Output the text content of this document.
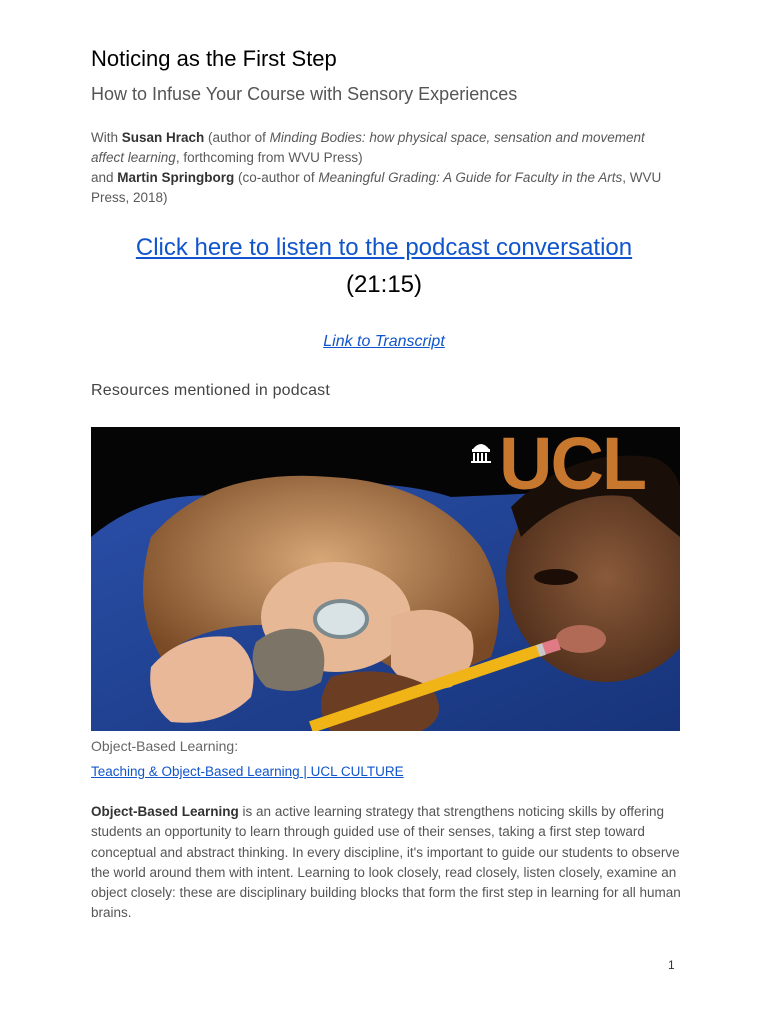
Noticing as the First Step
How to Infuse Your Course with Sensory Experiences
With Susan Hrach (author of Minding Bodies: how physical space, sensation and movement affect learning, forthcoming from WVU Press)
and Martin Springborg (co-author of Meaningful Grading: A Guide for Faculty in the Arts, WVU Press, 2018)
Click here to listen to the podcast conversation
(21:15)
Link to Transcript
Resources mentioned in podcast
UCL
Object-Based Learning:
Teaching & Object-Based Learning | UCL CULTURE
Object-Based Learning is an active learning strategy that strengthens noticing skills by offering students an opportunity to learn through guided use of their senses, taking a first step toward conceptual and abstract thinking. In every discipline, it's important to guide our students to observe the world around them with intent. Learning to look closely, read closely, listen closely, examine an object closely: these are disciplinary building blocks that form the first step in learning for all human brains.
1
